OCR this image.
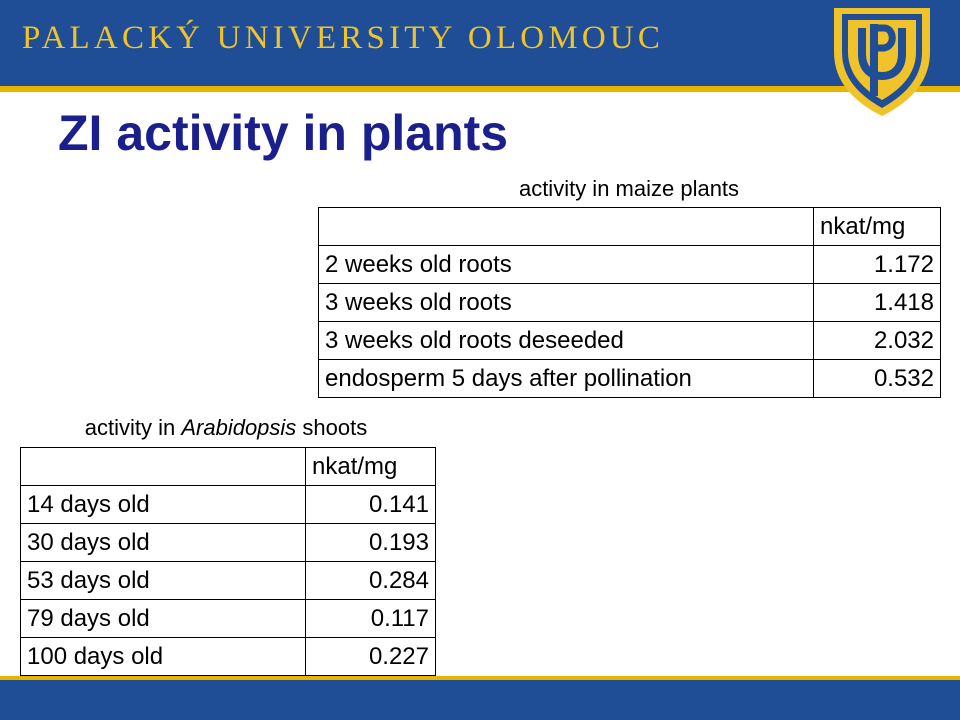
PALACKÝ UNIVERSITY OLOMOUC
ZI activity in plants
activity in maize plants
	nkat/mg
2 weeks old roots	1.172
3 weeks old roots	1.418
3 weeks old roots deseeded	2.032
endosperm 5 days after pollination	0.532
activity in Arabidopsis shoots
	nkat/mg
14 days old	0.141
30 days old	0.193
53 days old	0.284
79 days old	0.117
100 days old	0.227
